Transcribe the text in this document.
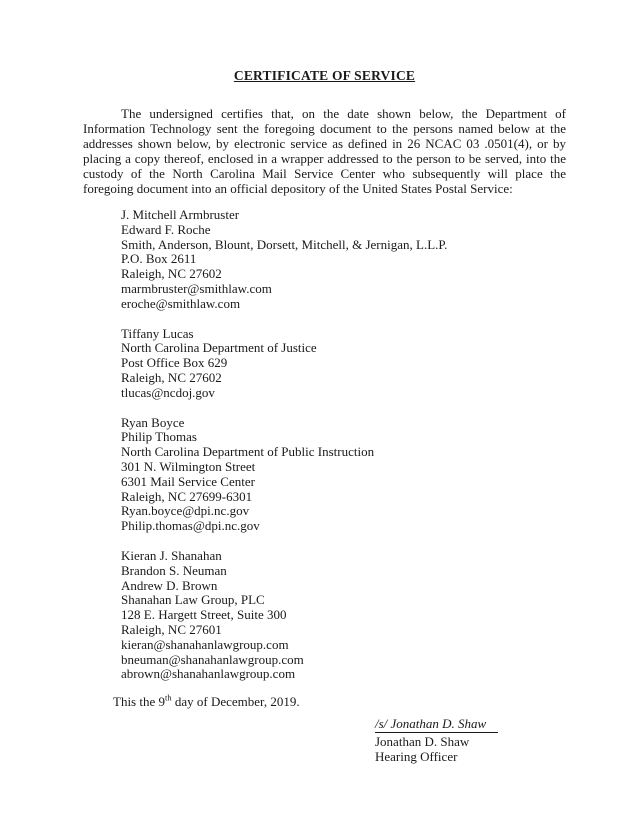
CERTIFICATE OF SERVICE

The undersigned certifies that, on the date shown below, the Department of Information Technology sent the foregoing document to the persons named below at the addresses shown below, by electronic service as defined in 26 NCAC 03 .0501(4), or by placing a copy thereof, enclosed in a wrapper addressed to the person to be served, into the custody of the North Carolina Mail Service Center who subsequently will place the foregoing document into an official depository of the United States Postal Service:

J. Mitchell Armbruster
Edward F. Roche
Smith, Anderson, Blount, Dorsett, Mitchell, & Jernigan, L.L.P.
P.O. Box 2611
Raleigh, NC 27602
marmbruster@smithlaw.com
eroche@smithlaw.com
Tiffany Lucas
North Carolina Department of Justice
Post Office Box 629
Raleigh, NC 27602
tlucas@ncdoj.gov
Ryan Boyce
Philip Thomas
North Carolina Department of Public Instruction
301 N. Wilmington Street
6301 Mail Service Center
Raleigh, NC 27699-6301
Ryan.boyce@dpi.nc.gov
Philip.thomas@dpi.nc.gov
Kieran J. Shanahan
Brandon S. Neuman
Andrew D. Brown
Shanahan Law Group, PLC
128 E. Hargett Street, Suite 300
Raleigh, NC 27601
kieran@shanahanlawgroup.com
bneuman@shanahanlawgroup.com
abrown@shanahanlawgroup.com

This the 9th day of December, 2019.

/s/ Jonathan D. Shaw
Jonathan D. Shaw
Hearing Officer
